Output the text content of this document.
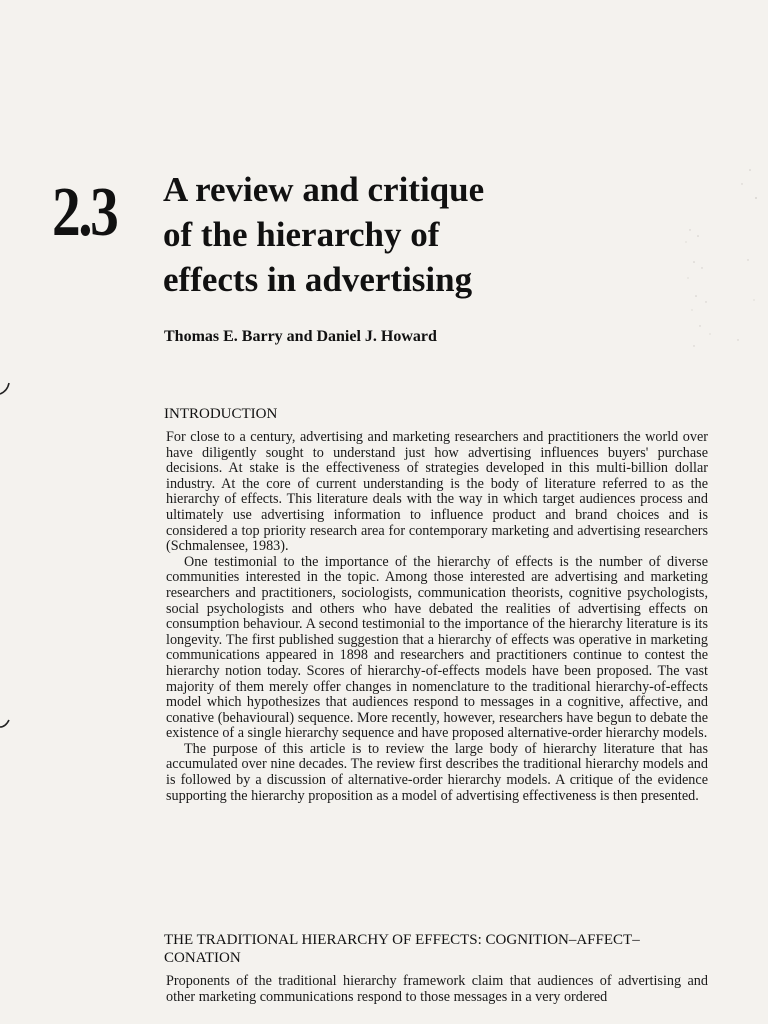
2.3 A review and critique
of the hierarchy of
effects in advertising
Thomas E. Barry and Daniel J. Howard
INTRODUCTION

For close to a century, advertising and marketing researchers and practitioners the world over have diligently sought to understand just how advertising influences buyers' purchase decisions. At stake is the effectiveness of strategies developed in this multi-billion dollar industry. At the core of current understanding is the body of literature referred to as the hierarchy of effects. This literature deals with the way in which target audiences process and ultimately use advertising information to influence product and brand choices and is considered a top priority research area for contemporary marketing and advertising researchers (Schmalensee, 1983).

One testimonial to the importance of the hierarchy of effects is the number of diverse communities interested in the topic. Among those interested are advertising and marketing researchers and practitioners, sociologists, communication theorists, cognitive psychologists, social psychologists and others who have debated the realities of advertising effects on consumption behaviour. A second testimonial to the importance of the hierarchy literature is its longevity. The first published suggestion that a hierarchy of effects was operative in marketing communications appeared in 1898 and researchers and practitioners continue to contest the hierarchy notion today. Scores of hierarchy-of-effects models have been proposed. The vast majority of them merely offer changes in nomenclature to the traditional hierarchy-of-effects model which hypothesizes that audiences respond to messages in a cognitive, affective, and conative (behavioural) sequence. More recently, however, researchers have begun to debate the existence of a single hierarchy sequence and have proposed alternative-order hierarchy models.

The purpose of this article is to review the large body of hierarchy literature that has accumulated over nine decades. The review first describes the traditional hierarchy models and is followed by a discussion of alternative-order hierarchy models. A critique of the evidence supporting the hierarchy proposition as a model of advertising effectiveness is then presented.

THE TRADITIONAL HIERARCHY OF EFFECTS: COGNITION–AFFECT–
CONATION

Proponents of the traditional hierarchy framework claim that audiences of advertising and other marketing communications respond to those messages in a very ordered
